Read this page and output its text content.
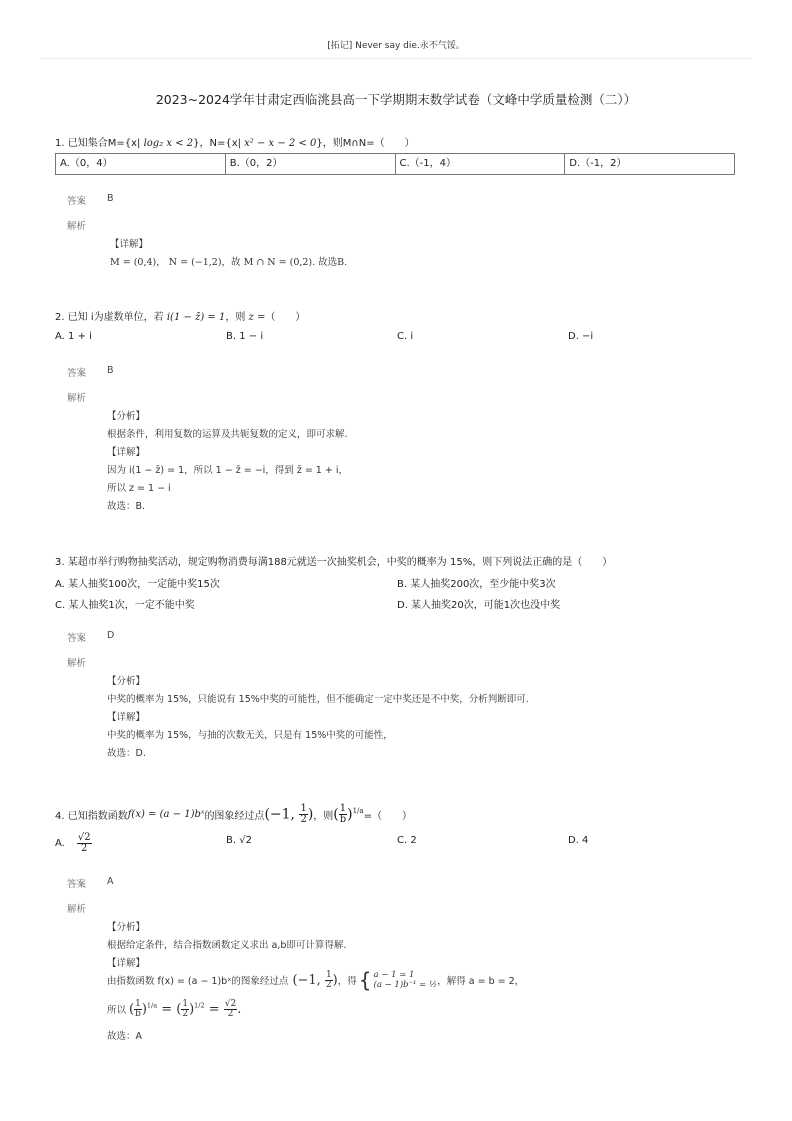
[拓记] Never say die.永不气馁。
2023~2024学年甘肃定西临洮县高一下学期期末数学试卷（文峰中学质量检测（二））
1. 已知集合M={x| log₂ x < 2}，N={x| x² − x − 2 < 0}，则M∩N=（　　）
A.（0，4）	B.（0，2）	C.（-1，4）	D.（-1，2）
答案 B
解析
【详解】
M = (0,4)， N = (−1,2)，故 M ∩ N = (0,2). 故选B.
2. 已知 i为虚数单位，若 i(1 − z̄) = 1，则 z =（　　）
A. 1 + i	B. 1 − i	C. i	D. −i
答案 B
解析
【分析】
根据条件，利用复数的运算及共轭复数的定义，即可求解.
【详解】
因为 i(1 − z̄) = 1，所以 1 − z̄ = −i，得到 z̄ = 1 + i，
所以 z = 1 − i
故选：B.
3. 某超市举行购物抽奖活动，规定购物消费每满188元就送一次抽奖机会，中奖的概率为 15%，则下列说法正确的是（　　）
A. 某人抽奖100次，一定能中奖15次	B. 某人抽奖200次，至少能中奖3次
C. 某人抽奖1次，一定不能中奖	D. 某人抽奖20次，可能1次也没中奖
答案 D
解析
【分析】
中奖的概率为 15%，只能说有 15%中奖的可能性，但不能确定一定中奖还是不中奖，分析判断即可.
【详解】
中奖的概率为 15%，与抽的次数无关，只是有 15%中奖的可能性，
故选：D.
4. 已知指数函数 f(x) = (a − 1)bˣ 的图象经过点 (−1, $\frac{1}{2}$ ) ，则 ( $\frac{1}{b} )^{1/a}$
=（　　）
A. $\frac{√2}{2}$	B. √2	C. 2	D. 4
答案 A
解析
【分析】
根据给定条件，结合指数函数定义求出 a,b即可计算得解.
【详解】
由指数函数 f(x) = (a − 1)bˣ的图象经过点 (−1, $\frac{1}{2}$ ) ，得 { a − 1 = 1
(a − 1)b⁻¹ = ½ ，解得 a = b = 2，
所以 ( $\frac{1}{b} )^{1/a}$ = ( $\frac{1}{2} )^{1/2} = \frac{√2}{2}$ .
故选：A
